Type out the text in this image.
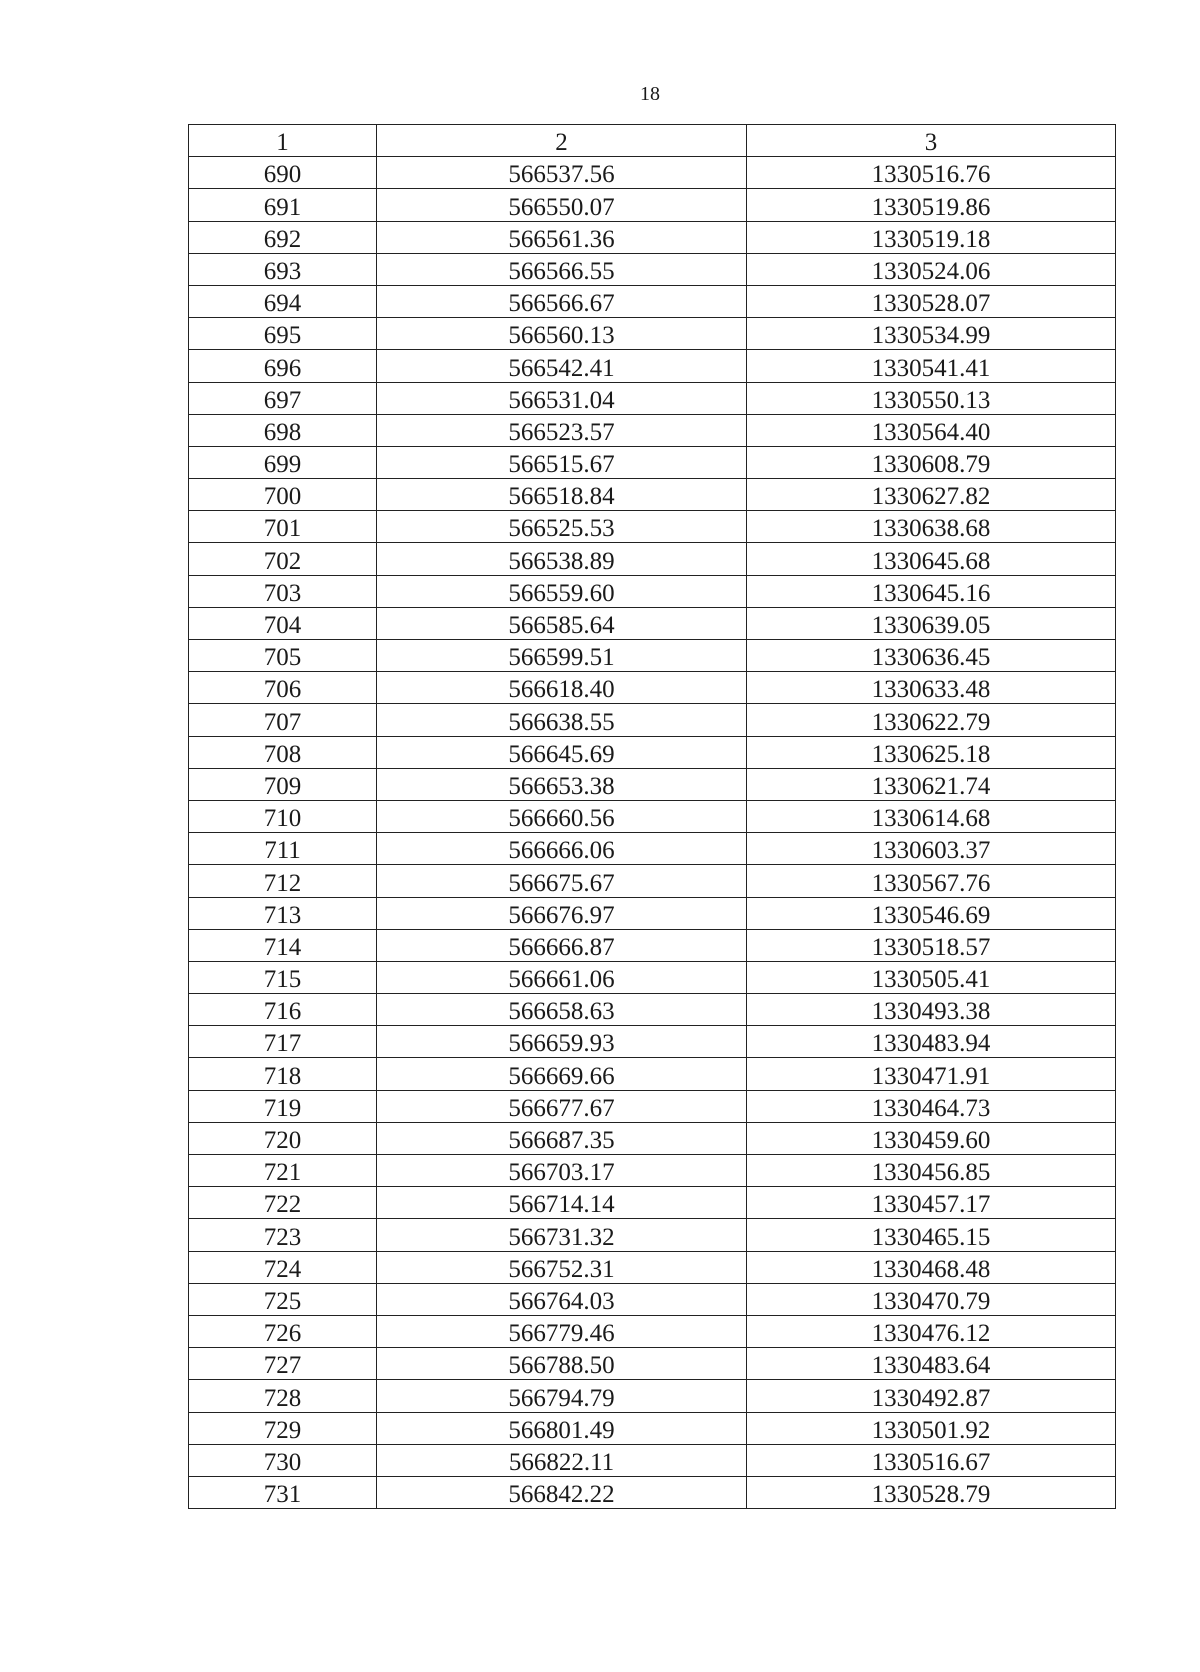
18
1	2	3
690	566537.56	1330516.76
691	566550.07	1330519.86
692	566561.36	1330519.18
693	566566.55	1330524.06
694	566566.67	1330528.07
695	566560.13	1330534.99
696	566542.41	1330541.41
697	566531.04	1330550.13
698	566523.57	1330564.40
699	566515.67	1330608.79
700	566518.84	1330627.82
701	566525.53	1330638.68
702	566538.89	1330645.68
703	566559.60	1330645.16
704	566585.64	1330639.05
705	566599.51	1330636.45
706	566618.40	1330633.48
707	566638.55	1330622.79
708	566645.69	1330625.18
709	566653.38	1330621.74
710	566660.56	1330614.68
711	566666.06	1330603.37
712	566675.67	1330567.76
713	566676.97	1330546.69
714	566666.87	1330518.57
715	566661.06	1330505.41
716	566658.63	1330493.38
717	566659.93	1330483.94
718	566669.66	1330471.91
719	566677.67	1330464.73
720	566687.35	1330459.60
721	566703.17	1330456.85
722	566714.14	1330457.17
723	566731.32	1330465.15
724	566752.31	1330468.48
725	566764.03	1330470.79
726	566779.46	1330476.12
727	566788.50	1330483.64
728	566794.79	1330492.87
729	566801.49	1330501.92
730	566822.11	1330516.67
731	566842.22	1330528.79
